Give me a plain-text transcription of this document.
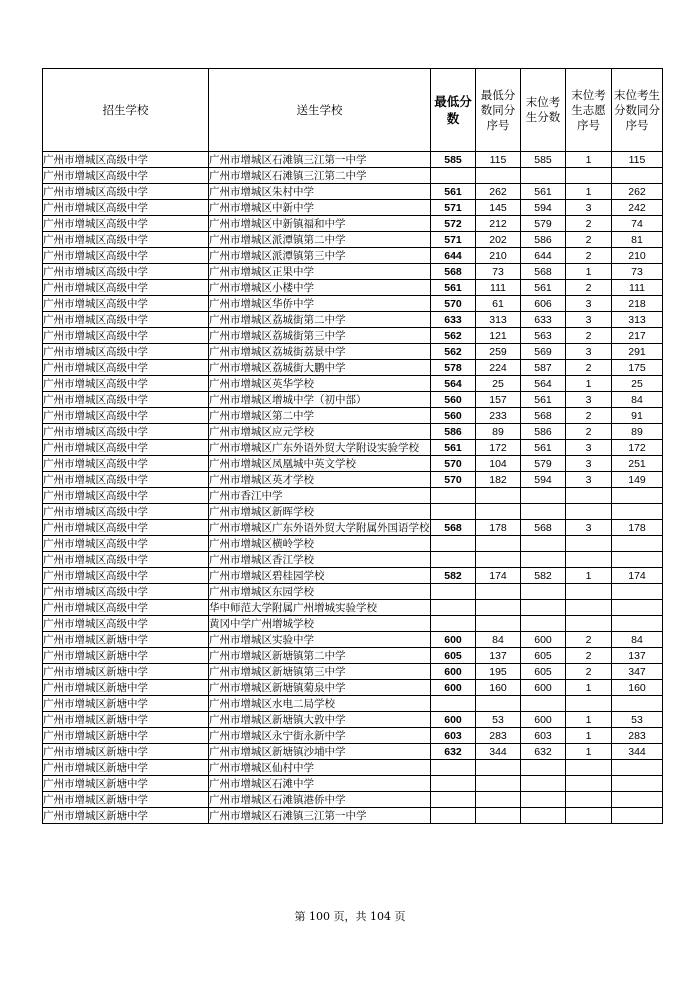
招生学校	送生学校	最低分数	最低分数同分序号	末位考生分数	末位考生志愿序号	末位考生分数同分序号
广州市增城区高级中学	广州市增城区石滩镇三江第一中学	585	115	585	1	115
广州市增城区高级中学	广州市增城区石滩镇三江第二中学					
广州市增城区高级中学	广州市增城区朱村中学	561	262	561	1	262
广州市增城区高级中学	广州市增城区中新中学	571	145	594	3	242
广州市增城区高级中学	广州市增城区中新镇福和中学	572	212	579	2	74
广州市增城区高级中学	广州市增城区派潭镇第二中学	571	202	586	2	81
广州市增城区高级中学	广州市增城区派潭镇第三中学	644	210	644	2	210
广州市增城区高级中学	广州市增城区正果中学	568	73	568	1	73
广州市增城区高级中学	广州市增城区小楼中学	561	111	561	2	111
广州市增城区高级中学	广州市增城区华侨中学	570	61	606	3	218
广州市增城区高级中学	广州市增城区荔城街第二中学	633	313	633	3	313
广州市增城区高级中学	广州市增城区荔城街第三中学	562	121	563	2	217
广州市增城区高级中学	广州市增城区荔城街荔景中学	562	259	569	3	291
广州市增城区高级中学	广州市增城区荔城街大鹏中学	578	224	587	2	175
广州市增城区高级中学	广州市增城区英华学校	564	25	564	1	25
广州市增城区高级中学	广州市增城区增城中学（初中部）	560	157	561	3	84
广州市增城区高级中学	广州市增城区第二中学	560	233	568	2	91
广州市增城区高级中学	广州市增城区应元学校	586	89	586	2	89
广州市增城区高级中学	广州市增城区广东外语外贸大学附设实验学校	561	172	561	3	172
广州市增城区高级中学	广州市增城区凤凰城中英文学校	570	104	579	3	251
广州市增城区高级中学	广州市增城区英才学校	570	182	594	3	149
广州市增城区高级中学	广州市香江中学					
广州市增城区高级中学	广州市增城区新晖学校					
广州市增城区高级中学	广州市增城区广东外语外贸大学附属外国语学校	568	178	568	3	178
广州市增城区高级中学	广州市增城区横岭学校					
广州市增城区高级中学	广州市增城区香江学校					
广州市增城区高级中学	广州市增城区碧桂园学校	582	174	582	1	174
广州市增城区高级中学	广州市增城区东园学校					
广州市增城区高级中学	华中师范大学附属广州增城实验学校					
广州市增城区高级中学	黄冈中学广州增城学校					
广州市增城区新塘中学	广州市增城区实验中学	600	84	600	2	84
广州市增城区新塘中学	广州市增城区新塘镇第二中学	605	137	605	2	137
广州市增城区新塘中学	广州市增城区新塘镇第三中学	600	195	605	2	347
广州市增城区新塘中学	广州市增城区新塘镇菊泉中学	600	160	600	1	160
广州市增城区新塘中学	广州市增城区水电二局学校					
广州市增城区新塘中学	广州市增城区新塘镇大敦中学	600	53	600	1	53
广州市增城区新塘中学	广州市增城区永宁街永新中学	603	283	603	1	283
广州市增城区新塘中学	广州市增城区新塘镇沙埔中学	632	344	632	1	344
广州市增城区新塘中学	广州市增城区仙村中学					
广州市增城区新塘中学	广州市增城区石滩中学					
广州市增城区新塘中学	广州市增城区石滩镇港侨中学					
广州市增城区新塘中学	广州市增城区石滩镇三江第一中学					
第 100 页，共 104 页
